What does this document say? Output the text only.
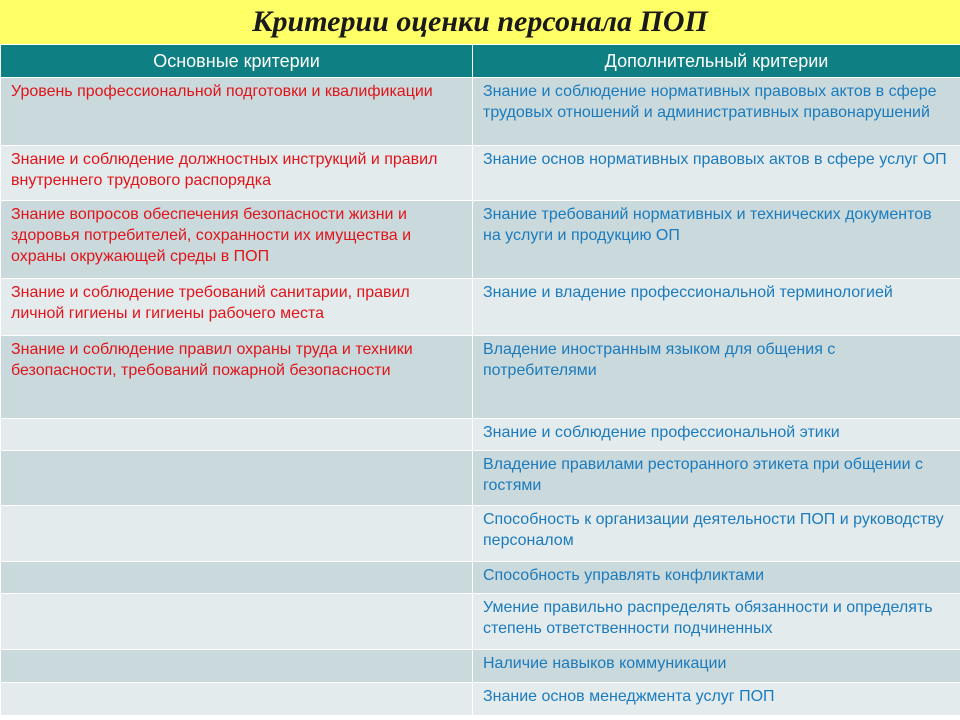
Критерии оценки персонала ПОП
Основные критерии	Дополнительный критерии
Уровень профессиональной подготовки и квалификации	Знание и соблюдение нормативных правовых актов в сфере трудовых отношений и административных правонарушений
Знание и соблюдение должностных инструкций и правил внутреннего трудового распорядка	Знание основ нормативных правовых актов в сфере услуг ОП
Знание вопросов обеспечения безопасности жизни и здоровья потребителей, сохранности их имущества и охраны окружающей среды в ПОП	Знание требований нормативных и технических документов на услуги и продукцию ОП
Знание и соблюдение требований санитарии, правил личной гигиены и гигиены рабочего места	Знание и владение профессиональной терминологией
Знание и соблюдение правил охраны труда и техники безопасности, требований пожарной безопасности	Владение иностранным языком для общения с потребителями
	Знание и соблюдение профессиональной этики
	Владение правилами ресторанного этикета при общении с гостями
	Способность к организации деятельности ПОП и руководству персоналом
	Способность управлять конфликтами
	Умение правильно распределять обязанности и определять степень ответственности подчиненных
	Наличие навыков коммуникации
	Знание основ менеджмента услуг ПОП
